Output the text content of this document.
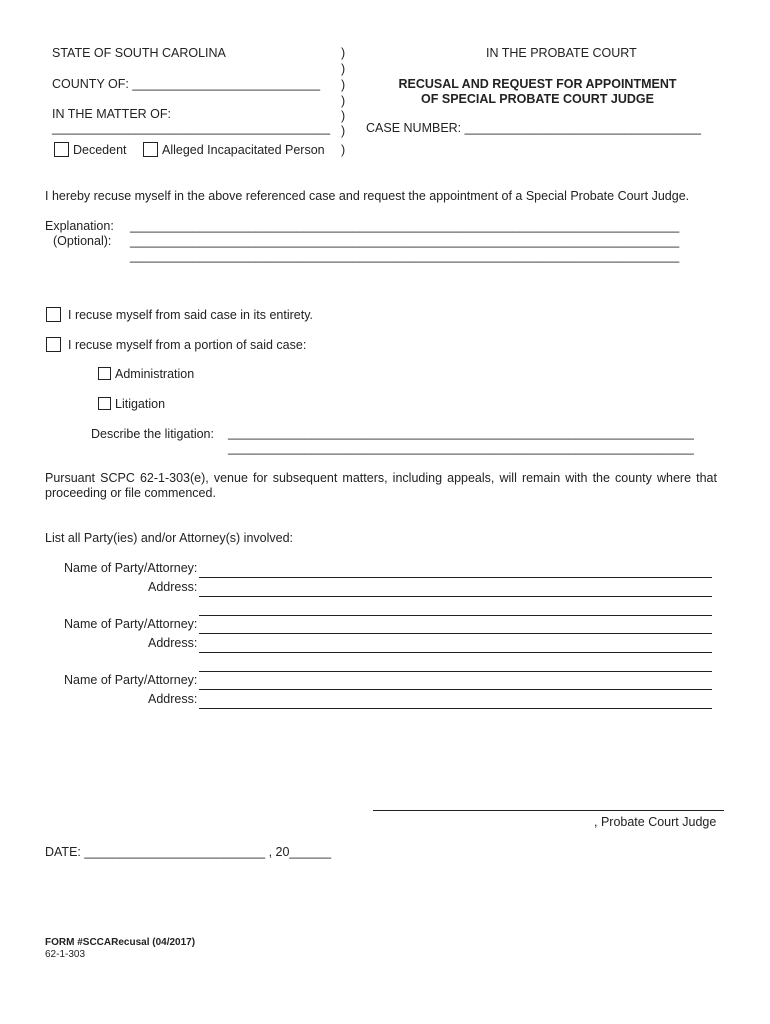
STATE OF SOUTH CAROLINA
COUNTY OF: ___________________________
IN THE MATTER OF:
________________________________________
Decedent	Alleged Incapacitated Person
)
)
)
)
)
)
)
IN THE PROBATE COURT
RECUSAL AND REQUEST FOR APPOINTMENT
OF SPECIAL PROBATE COURT JUDGE
CASE NUMBER: __________________________________
I hereby recuse myself in the above referenced case and request the appointment of a Special Probate Court Judge.
Explanation:
(Optional):
_______________________________________________________________________________
_______________________________________________________________________________
_______________________________________________________________________________
I recuse myself from said case in its entirety.
I recuse myself from a portion of said case:
Administration
Litigation
Describe the litigation: ___________________________________________________________________
___________________________________________________________________
Pursuant SCPC 62-1-303(e), venue for subsequent matters, including appeals, will remain with the county where that proceeding or file commenced.
List all Party(ies) and/or Attorney(s) involved:
Name of Party/Attorney:
Address:
Name of Party/Attorney:
Address:
Name of Party/Attorney:
Address:
, Probate Court Judge
DATE: __________________________ , 20______
FORM #SCCARecusal (04/2017)
62-1-303
